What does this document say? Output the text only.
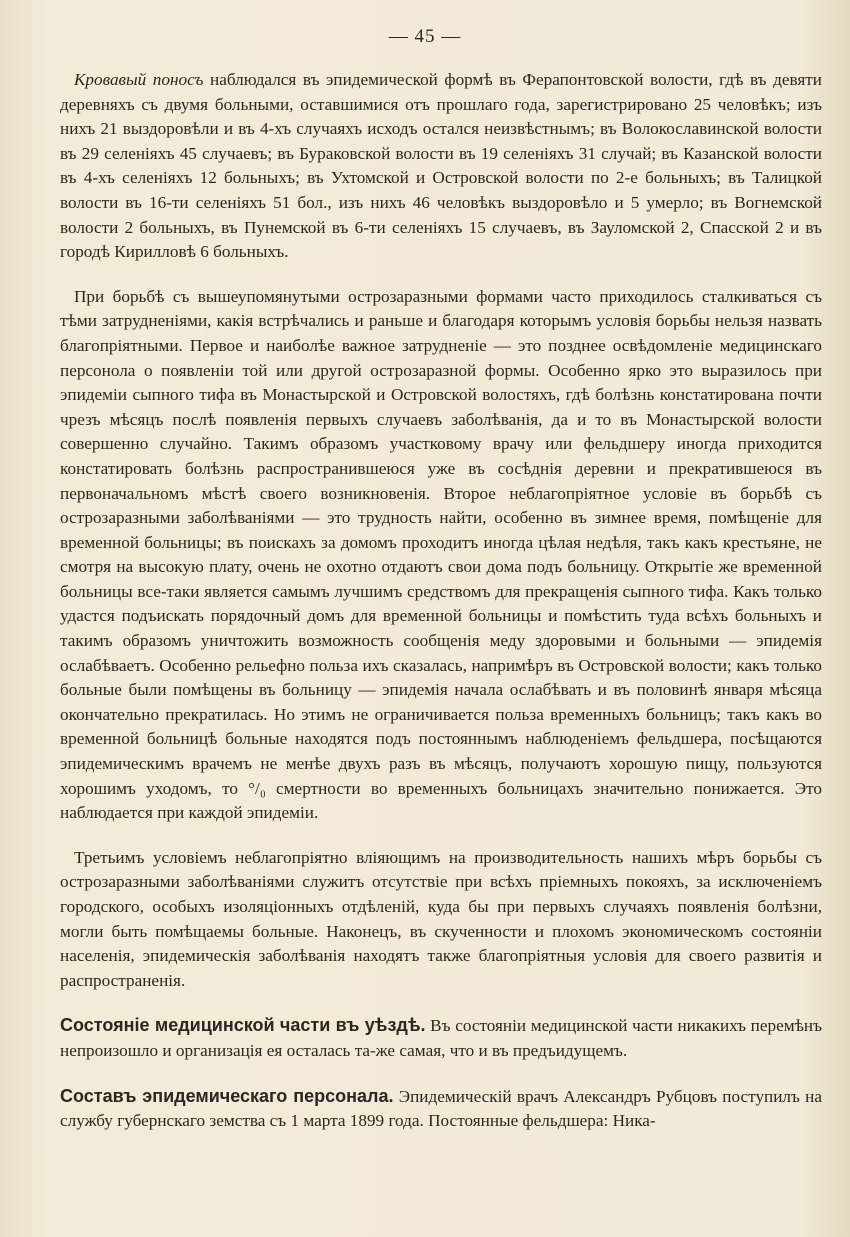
— 45 —

Кровавый поносъ наблюдался въ эпидемической формѣ въ Ферапонтовской волости, гдѣ въ девяти деревняхъ съ двумя больными, оставшимися отъ прошлаго года, зарегистрировано 25 человѣкъ; изъ нихъ 21 выздоровѣли и въ 4-хъ случаяхъ исходъ остался неизвѣстнымъ; въ Волокославинской волости въ 29 селеніяхъ 45 случаевъ; въ Бураковской волости въ 19 селеніяхъ 31 случай; въ Казанской волости въ 4-хъ селеніяхъ 12 больныхъ; въ Ухтомской и Островской волости по 2-е больныхъ; въ Талицкой волости въ 16-ти селеніяхъ 51 бол., изъ нихъ 46 человѣкъ выздоровѣло и 5 умерло; въ Вогнемской волости 2 больныхъ, въ Пунемской въ 6-ти селеніяхъ 15 случаевъ, въ Зауломской 2, Спасской 2 и въ городѣ Кирилловѣ 6 больныхъ.

При борьбѣ съ вышеупомянутыми острозаразными формами часто приходилось сталкиваться съ тѣми затрудненіями, какія встрѣчались и раньше и благодаря которымъ условія борьбы нельзя назвать благопріятными. Первое и наиболѣе важное затрудненіе — это позднее освѣдомленіе медицинскаго персонола о появленіи той или другой острозаразной формы. Особенно ярко это выразилось при эпидеміи сыпного тифа въ Монастырской и Островской волостяхъ, гдѣ болѣзнь констатирована почти чрезъ мѣсяцъ послѣ появленія первыхъ случаевъ заболѣванія, да и то въ Монастырской волости совершенно случайно. Такимъ образомъ участковому врачу или фельдшеру иногда приходится констатировать болѣзнь распространившеюся уже въ сосѣднія деревни и прекратившеюся въ первоначальномъ мѣстѣ своего возникновенія. Второе неблагопріятное условіе въ борьбѣ съ острозаразными заболѣваніями — это трудность найти, особенно въ зимнее время, помѣщеніе для временной больницы; въ поискахъ за домомъ проходитъ иногда цѣлая недѣля, такъ какъ крестьяне, не смотря на высокую плату, очень не охотно отдаютъ свои дома подъ больницу. Открытіе же временной больницы все-таки является самымъ лучшимъ средствомъ для прекращенія сыпного тифа. Какъ только удастся подъискать порядочный домъ для временной больницы и помѣстить туда всѣхъ больныхъ и такимъ образомъ уничтожить возможность сообщенія меду здоровыми и больными — эпидемія ослабѣваетъ. Особенно рельефно польза ихъ сказалась, напримѣръ въ Островской волости; какъ только больные были помѣщены въ больницу — эпидемія начала ослабѣвать и въ половинѣ января мѣсяца окончательно прекратилась. Но этимъ не ограничивается польза временныхъ больницъ; такъ какъ во временной больницѣ больные находятся подъ постояннымъ наблюденіемъ фельдшера, посѣщаются эпидемическимъ врачемъ не менѣе двухъ разъ въ мѣсяцъ, получаютъ хорошую пищу, пользуются хорошимъ уходомъ, то °/₀ смертности во временныхъ больницахъ значительно понижается. Это наблюдается при каждой эпидеміи.

Третьимъ условіемъ неблагопріятно вліяющимъ на производительность нашихъ мѣръ борьбы съ острозаразными заболѣваніями служитъ отсутствіе при всѣхъ пріемныхъ покояхъ, за исключеніемъ городского, особыхъ изоляціонныхъ отдѣленій, куда бы при первыхъ случаяхъ появленія болѣзни, могли быть помѣщаемы больные. Наконецъ, въ скученности и плохомъ экономическомъ состояніи населенія, эпидемическія заболѣванія находятъ также благопріятныя условія для своего развитія и распространенія.

Состояніе медицинской части въ уѣздѣ. Въ состояніи медицинской части никакихъ перемѣнъ непроизошло и организація ея осталась та-же самая, что и въ предъидущемъ.

Составъ эпидемическаго персонала. Эпидемическій врачъ Александръ Рубцовъ поступилъ на службу губернскаго земства съ 1 марта 1899 года. Постоянные фельдшера: Ника-
